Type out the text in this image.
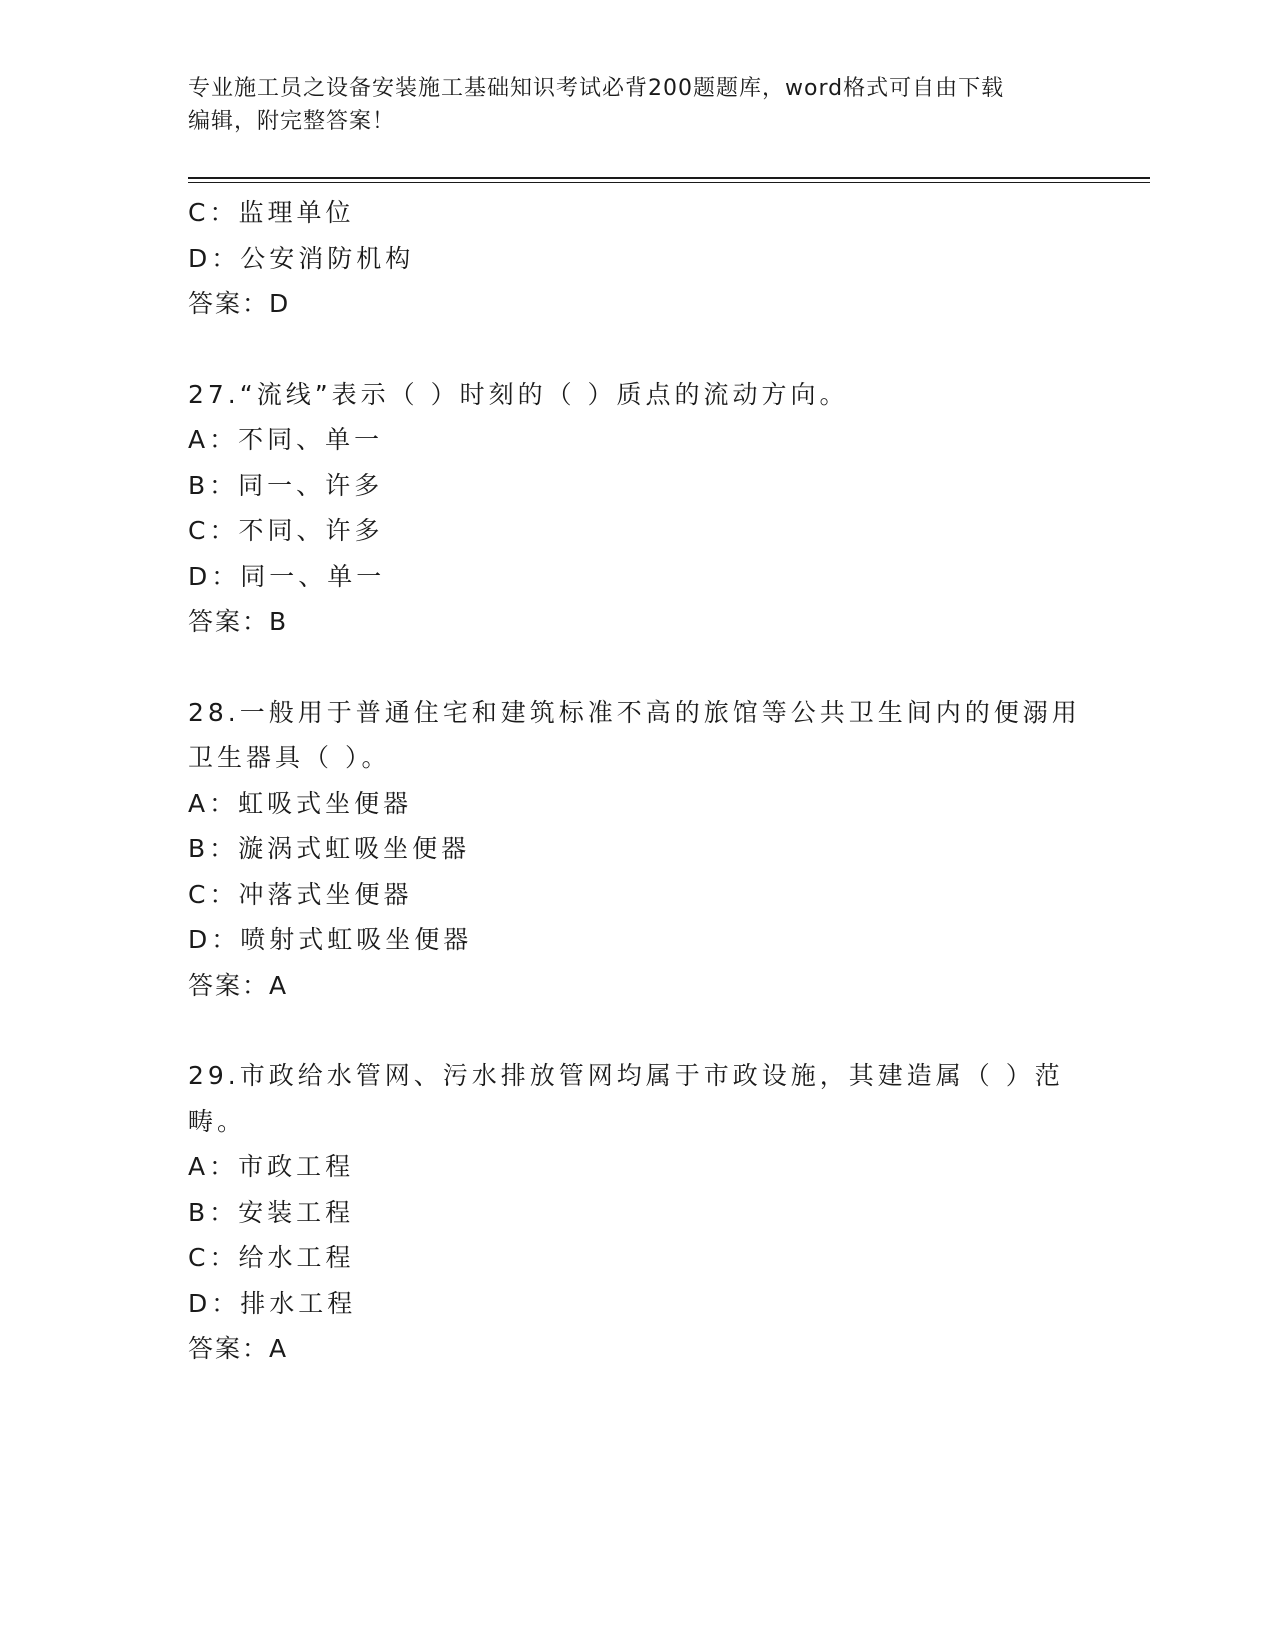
专业施工员之设备安装施工基础知识考试必背200题题库，word格式可自由下载
编辑，附完整答案！
C：监理单位
D：公安消防机构
答案：D
27.“流线”表示（ ）时刻的（ ）质点的流动方向。
A：不同、单一
B：同一、许多
C：不同、许多
D：同一、单一
答案：B
28.一般用于普通住宅和建筑标准不高的旅馆等公共卫生间内的便溺用卫生器具（ ）。
A：虹吸式坐便器
B：漩涡式虹吸坐便器
C：冲落式坐便器
D：喷射式虹吸坐便器
答案：A
29.市政给水管网、污水排放管网均属于市政设施，其建造属（ ）范畴。
A：市政工程
B：安装工程
C：给水工程
D：排水工程
答案：A
